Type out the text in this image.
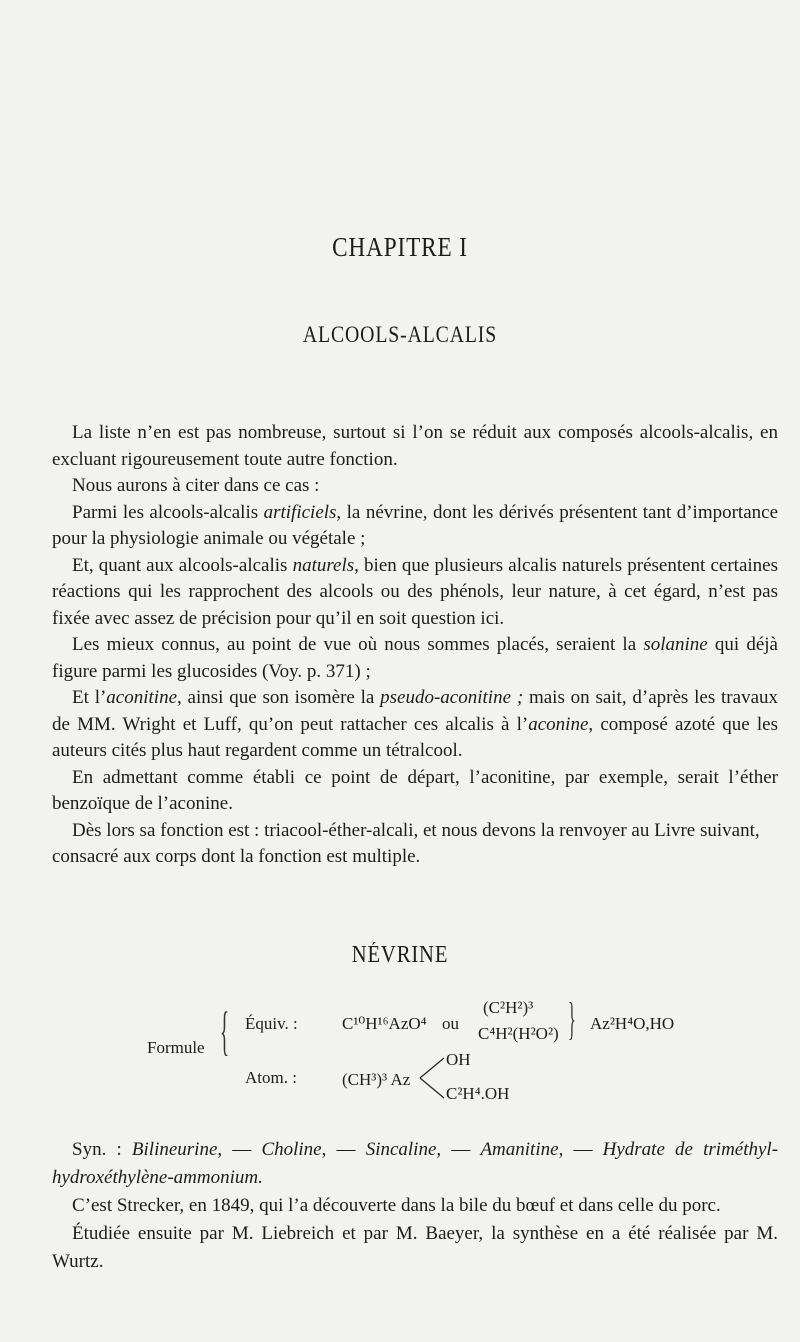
CHAPITRE I
ALCOOLS-ALCALIS

La liste n’en est pas nombreuse, surtout si l’on se réduit aux composés alcools-alcalis, en excluant rigoureusement toute autre fonction.

Nous aurons à citer dans ce cas :

Parmi les alcools-alcalis artificiels, la névrine, dont les dérivés présentent tant d’importance pour la physiologie animale ou végétale ;

Et, quant aux alcools-alcalis naturels, bien que plusieurs alcalis naturels présentent certaines réactions qui les rapprochent des alcools ou des phénols, leur nature, à cet égard, n’est pas fixée avec assez de précision pour qu’il en soit question ici.

Les mieux connus, au point de vue où nous sommes placés, seraient la solanine qui déjà figure parmi les glucosides (Voy. p. 371) ;

Et l’aconitine, ainsi que son isomère la pseudo-aconitine ; mais on sait, d’après les travaux de MM. Wright et Luff, qu’on peut rattacher ces alcalis à l’aconine, composé azoté que les auteurs cités plus haut regardent comme un tétralcool.

En admettant comme établi ce point de départ, l’aconitine, par exemple, serait l’éther benzoïque de l’aconine.

Dès lors sa fonction est : triacool-éther-alcali, et nous devons la renvoyer au Livre suivant, consacré aux corps dont la fonction est multiple.

NÉVRINE
Formule { Équiv. :	C¹⁰H¹⁶AzO⁴ ou
(C²H²)³
C⁴H²(H²O²) } Az²H⁴O,HO
Atom. :	(CH³)³ Az
OH
C²H⁴.OH

Syn. : Bilineurine, — Choline, — Sincaline, — Amanitine, — Hydrate de triméthyl-hydroxéthylène-ammonium.

C’est Strecker, en 1849, qui l’a découverte dans la bile du bœuf et dans celle du porc.

Étudiée ensuite par M. Liebreich et par M. Baeyer, la synthèse en a été réalisée par M. Wurtz.
